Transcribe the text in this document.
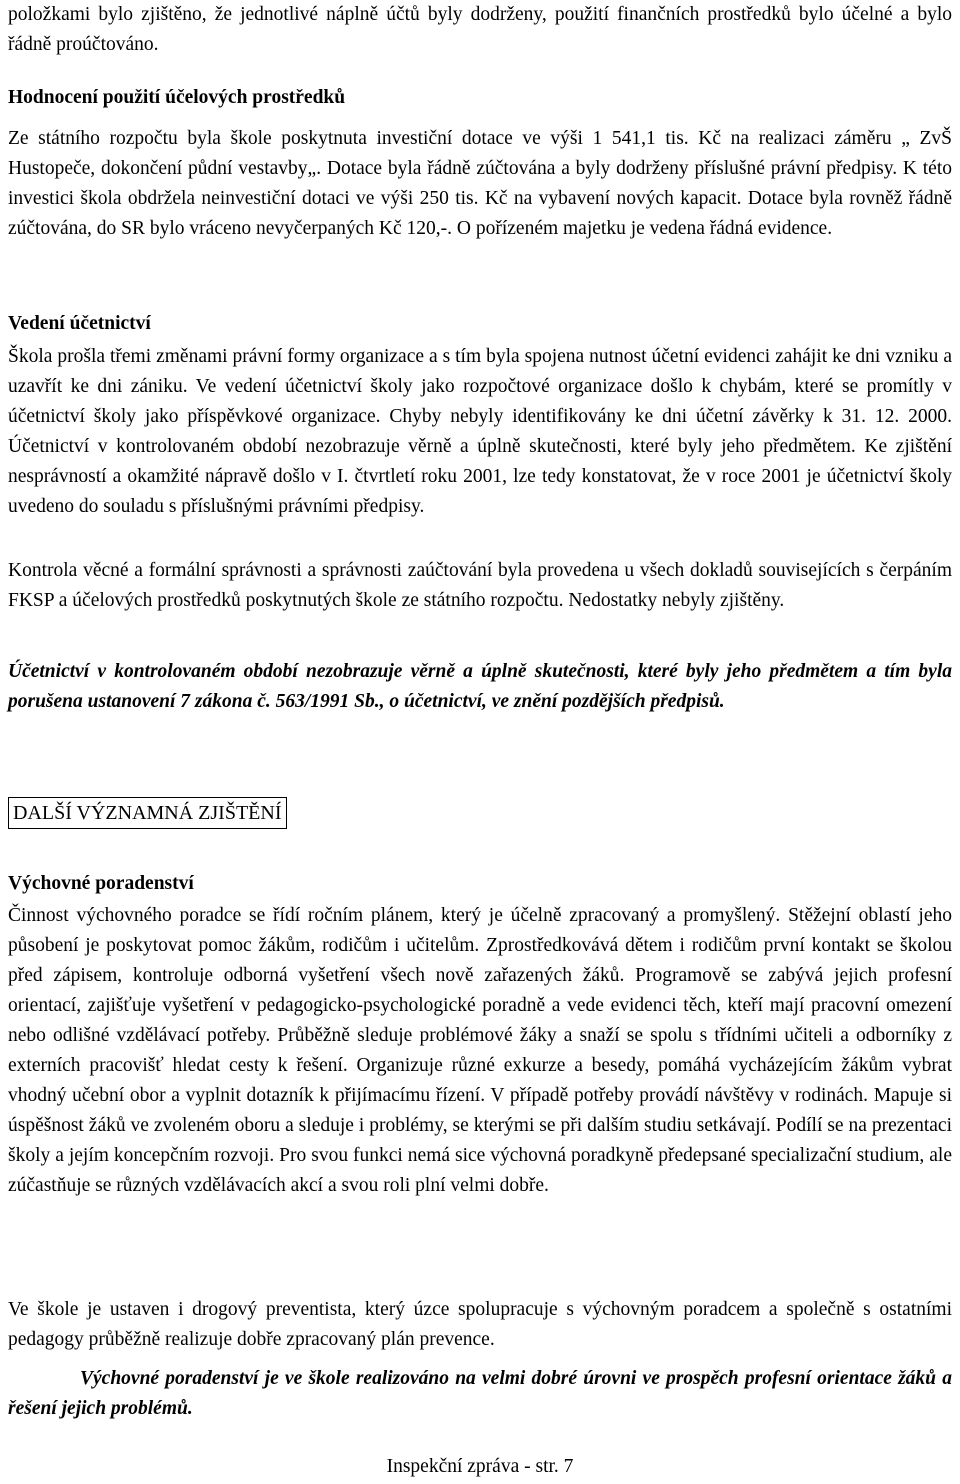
položkami bylo zjištěno, že jednotlivé náplně účtů byly dodrženy, použití finančních prostředků bylo účelné a bylo řádně proúčtováno.

Hodnocení použití účelových prostředků

Ze státního rozpočtu byla škole poskytnuta investiční dotace ve výši 1 541,1 tis. Kč na realizaci záměru „ ZvŠ Hustopeče, dokončení půdní vestavby„. Dotace byla řádně zúčtována a byly dodrženy příslušné právní předpisy. K této investici škola obdržela neinvestiční dotaci ve výši 250 tis. Kč na vybavení nových kapacit. Dotace byla rovněž řádně zúčtována, do SR bylo vráceno nevyčerpaných Kč 120,-. O pořízeném majetku je vedena řádná evidence.

Vedení účetnictví

Škola prošla třemi změnami právní formy organizace a s tím byla spojena nutnost účetní evidenci zahájit ke dni vzniku a uzavřít ke dni zániku. Ve vedení účetnictví školy jako rozpočtové organizace došlo k chybám, které se promítly v účetnictví školy jako příspěvkové organizace. Chyby nebyly identifikovány ke dni účetní závěrky k 31. 12. 2000. Účetnictví v kontrolovaném období nezobrazuje věrně a úplně skutečnosti, které byly jeho předmětem. Ke zjištění nesprávností a okamžité nápravě došlo v I. čtvrtletí roku 2001, lze tedy konstatovat, že v roce 2001 je účetnictví školy uvedeno do souladu s příslušnými právními předpisy.

Kontrola věcné a formální správnosti a správnosti zaúčtování byla provedena u všech dokladů souvisejících s čerpáním FKSP a účelových prostředků poskytnutých škole ze státního rozpočtu. Nedostatky nebyly zjištěny.

Účetnictví v kontrolovaném období nezobrazuje věrně a úplně skutečnosti, které byly jeho předmětem a tím byla porušena ustanovení 7 zákona č. 563/1991 Sb., o účetnictví, ve znění pozdějších předpisů.

DALŠÍ VÝZNAMNÁ ZJIŠTĚNÍ

Výchovné poradenství

Činnost výchovného poradce se řídí ročním plánem, který je účelně zpracovaný a promyšlený. Stěžejní oblastí jeho působení je poskytovat pomoc žákům, rodičům i učitelům. Zprostředkovává dětem i rodičům první kontakt se školou před zápisem, kontroluje odborná vyšetření všech nově zařazených žáků. Programově se zabývá jejich profesní orientací, zajišťuje vyšetření v pedagogicko-psychologické poradně a vede evidenci těch, kteří mají pracovní omezení nebo odlišné vzdělávací potřeby. Průběžně sleduje problémové žáky a snaží se spolu s třídními učiteli a odborníky z externích pracovišť hledat cesty k řešení. Organizuje různé exkurze a besedy, pomáhá vycházejícím žákům vybrat vhodný učební obor a vyplnit dotazník k přijímacímu řízení. V případě potřeby provádí návštěvy v rodinách. Mapuje si úspěšnost žáků ve zvoleném oboru a sleduje i problémy, se kterými se při dalším studiu setkávají. Podílí se na prezentaci školy a jejím koncepčním rozvoji. Pro svou funkci nemá sice výchovná poradkyně předepsané specializační studium, ale zúčastňuje se různých vzdělávacích akcí a svou roli plní velmi dobře.

Ve škole je ustaven i drogový preventista, který úzce spolupracuje s výchovným poradcem a společně s ostatními pedagogy průběžně realizuje dobře zpracovaný plán prevence.

Výchovné poradenství je ve škole realizováno na velmi dobré úrovni ve prospěch profesní orientace žáků a řešení jejich problémů.

Inspekční zpráva - str. 7
